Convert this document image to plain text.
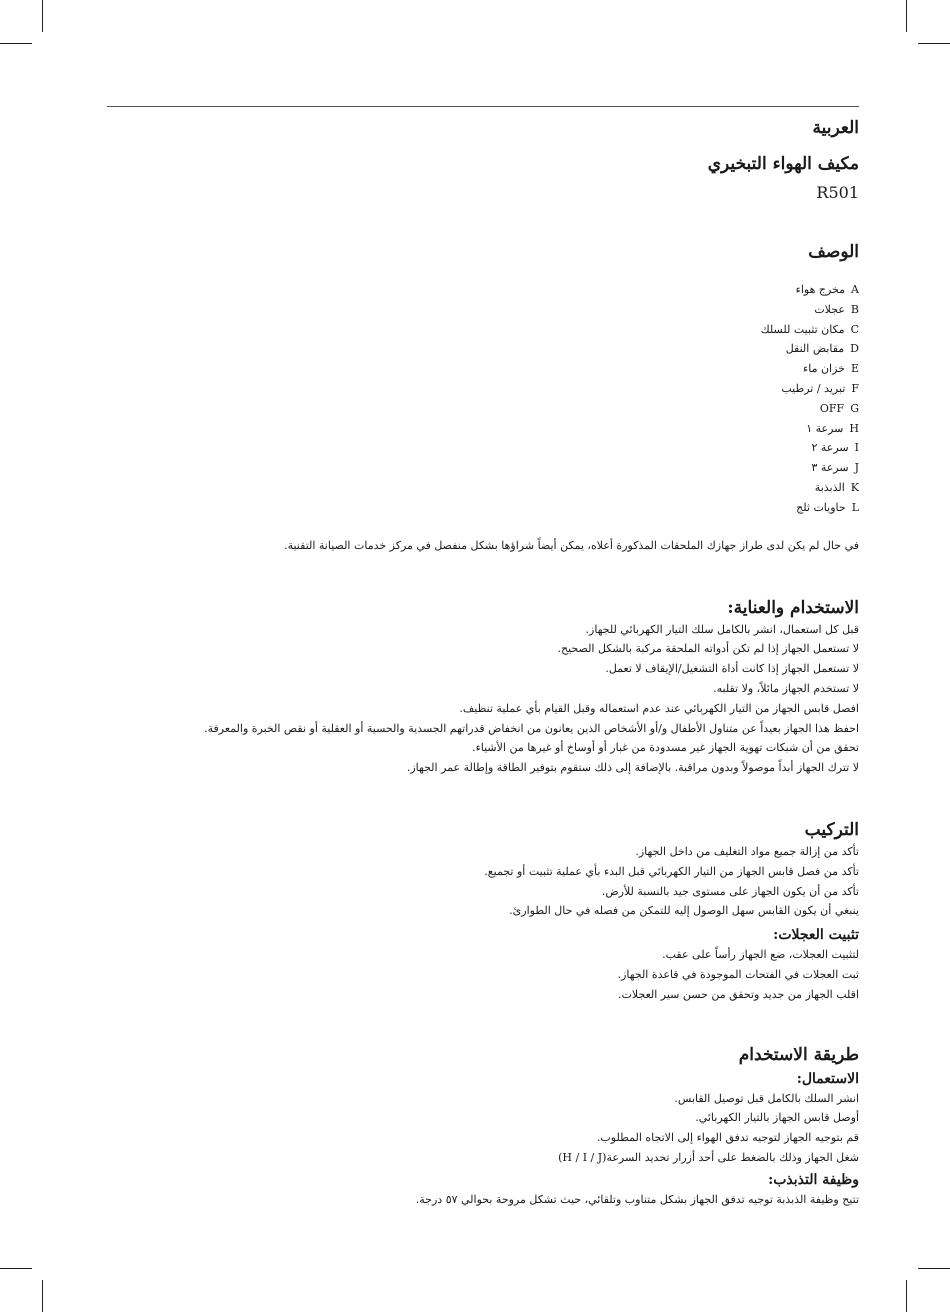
العربية
مكيف الهواء التبخيري
R501
الوصف
Aمخرج هواء
Bعجلات
Cمكان تثبيت للسلك
Dمقابض النقل
Eخزان ماء
Fتبريد / ترطيب
GOFF
Hسرعة ١
Iسرعة ٢
Jسرعة ٣
Kالذبذبة
Lحاويات ثلج
في حال لم يكن لدى طراز جهازك الملحقات المذكورة أعلاه، يمكن أيضاً شراؤها بشكل منفصل في مركز خدمات الصيانة التقنية.
الاستخدام والعناية:
قبل كل استعمال، انشر بالكامل سلك التيار الكهربائي للجهاز.
لا تستعمل الجهاز إذا لم تكن أدواته الملحقة مركبة بالشكل الصحيح.
لا تستعمل الجهاز إذا كانت أداة التشغيل/الإيقاف لا تعمل.
لا تستخدم الجهاز مائلاً، ولا تقلبه.
افصل قابس الجهاز من التيار الكهربائي عند عدم استعماله وقبل القيام بأي عملية تنظيف.
احفظ هذا الجهاز بعيداً عن متناول الأطفال و/أو الأشخاص الذين يعانون من انخفاض قدراتهم الجسدية والحسية أو العقلية أو نقص الخبرة والمعرفة.
تحقق من أن شبكات تهوية الجهاز غير مسدودة من غبار أو أوساخ أو غيرها من الأشياء.
لا تترك الجهاز أبداً موصولاً وبدون مراقبة. بالإضافة إلى ذلك ستقوم بتوفير الطاقة وإطالة عمر الجهاز.
التركيب
تأكد من إزالة جميع مواد التغليف من داخل الجهاز.
تأكد من فصل قابس الجهاز من التيار الكهربائي قبل البدء بأي عملية تثبيت أو تجميع.
تأكد من أن يكون الجهاز على مستوى جيد بالنسبة للأرض.
ينبغي أن يكون القابس سهل الوصول إليه للتمكن من فصله في حال الطوارئ.
تثبيت العجلات:
لتثبيت العجلات، ضع الجهاز رأساً على عقب.
ثبت العجلات في الفتحات الموجودة في قاعدة الجهاز.
اقلب الجهاز من جديد وتحقق من حسن سير العجلات.
طريقة الاستخدام
الاستعمال:
انشر السلك بالكامل قبل توصيل القابس.
أوصل قابس الجهاز بالتيار الكهربائي.
قم بتوجيه الجهاز لتوجيه تدفق الهواء إلى الاتجاه المطلوب.
شغل الجهاز وذلك بالضغط على أحد أزرار تحديد السرعة(H / I / J)
وظيفة التذبذب:
تتيح وظيفة الذبذبة توجيه تدفق الجهاز بشكل متناوب وتلقائي، حيث تشكل مروحة بحوالي ٥٧ درجة.
